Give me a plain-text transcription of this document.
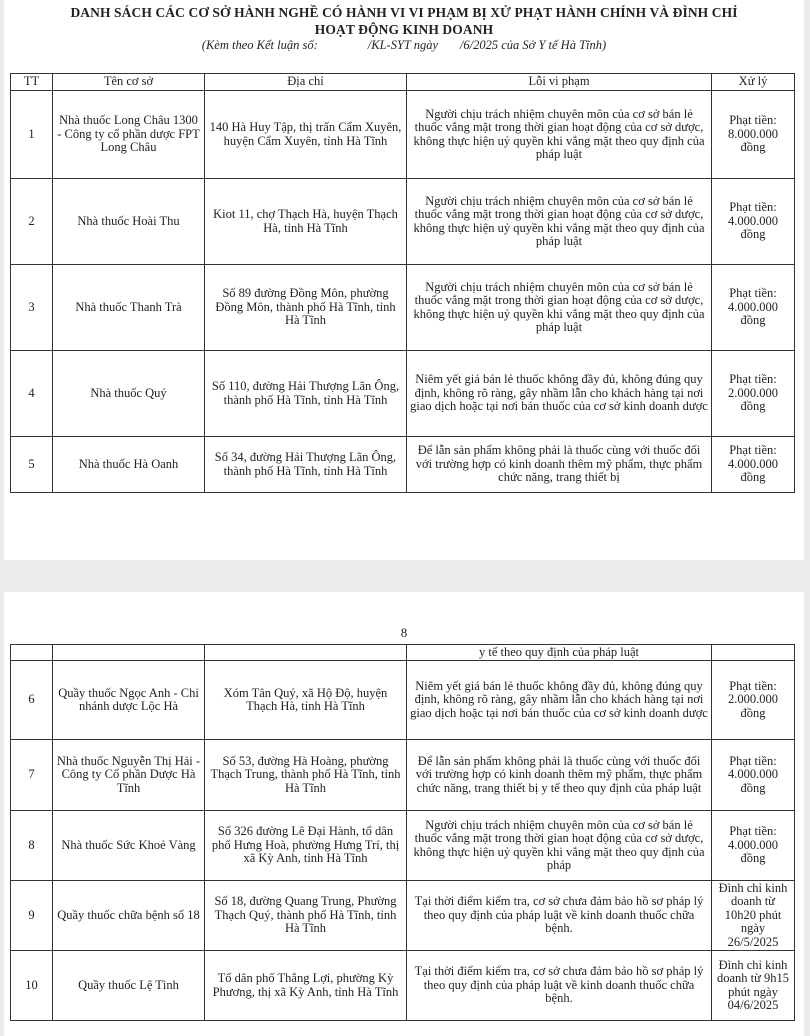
DANH SÁCH CÁC CƠ SỞ HÀNH NGHỀ CÓ HÀNH VI VI PHẠM BỊ XỬ PHẠT HÀNH CHÍNH VÀ ĐÌNH CHỈ
HOẠT ĐỘNG KINH DOANH
(Kèm theo Kết luận số:	/KL-SYT ngày /6/2025 của Sở Y tế Hà Tĩnh)
TT	Tên cơ sở	Địa chỉ	Lỗi vi phạm	Xử lý
1	Nhà thuốc Long Châu 1300 - Công ty cổ phần dược FPT Long Châu	140 Hà Huy Tập, thị trấn Cẩm Xuyên, huyện Cẩm Xuyên, tỉnh Hà Tĩnh	Người chịu trách nhiệm chuyên môn của cơ sở bán lẻ thuốc vắng mặt trong thời gian hoạt động của cơ sở dược, không thực hiện uỷ quyền khi vắng mặt theo quy định của pháp luật	Phạt tiền: 8.000.000 đồng
2	Nhà thuốc Hoài Thu	Kiot 11, chợ Thạch Hà, huyện Thạch Hà, tỉnh Hà Tĩnh	Người chịu trách nhiệm chuyên môn của cơ sở bán lẻ thuốc vắng mặt trong thời gian hoạt động của cơ sở dược, không thực hiện uỷ quyền khi vắng mặt theo quy định của pháp luật	Phạt tiền: 4.000.000 đồng
3	Nhà thuốc Thanh Trà	Số 89 đường Đồng Môn, phường Đồng Môn, thành phố Hà Tĩnh, tỉnh Hà Tĩnh	Người chịu trách nhiệm chuyên môn của cơ sở bán lẻ thuốc vắng mặt trong thời gian hoạt động của cơ sở dược, không thực hiện uỷ quyền khi vắng mặt theo quy định của pháp luật	Phạt tiền: 4.000.000 đồng
4	Nhà thuốc Quý	Số 110, đường Hải Thượng Lãn Ông, thành phố Hà Tĩnh, tỉnh Hà Tĩnh	Niêm yết giá bán lẻ thuốc không đầy đủ, không đúng quy định, không rõ ràng, gây nhầm lẫn cho khách hàng tại nơi giao dịch hoặc tại nơi bán thuốc của cơ sở kinh doanh dược	Phạt tiền: 2.000.000 đồng
5	Nhà thuốc Hà Oanh	Số 34, đường Hải Thượng Lãn Ông, thành phố Hà Tĩnh, tỉnh Hà Tĩnh	Để lẫn sản phẩm không phải là thuốc cùng với thuốc đối với trường hợp có kinh doanh thêm mỹ phẩm, thực phẩm chức năng, trang thiết bị	Phạt tiền: 4.000.000 đồng
8
			y tế theo quy định của pháp luật	
6	Quầy thuốc Ngọc Anh - Chi nhánh dược Lộc Hà	Xóm Tân Quý, xã Hộ Độ, huyện Thạch Hà, tỉnh Hà Tĩnh	Niêm yết giá bán lẻ thuốc không đầy đủ, không đúng quy định, không rõ ràng, gây nhầm lẫn cho khách hàng tại nơi giao dịch hoặc tại nơi bán thuốc của cơ sở kinh doanh dược	Phạt tiền: 2.000.000 đồng
7	Nhà thuốc Nguyễn Thị Hải - Công ty Cổ phần Dược Hà Tĩnh	Số 53, đường Hà Hoàng, phường Thạch Trung, thành phố Hà Tĩnh, tỉnh Hà Tĩnh	Để lẫn sản phẩm không phải là thuốc cùng với thuốc đối với trường hợp có kinh doanh thêm mỹ phẩm, thực phẩm chức năng, trang thiết bị y tế theo quy định của pháp luật	Phạt tiền: 4.000.000 đồng
8	Nhà thuốc Sức Khoẻ Vàng	Số 326 đường Lê Đại Hành, tổ dân phố Hưng Hoà, phường Hưng Trí, thị xã Kỳ Anh, tỉnh Hà Tĩnh	Người chịu trách nhiệm chuyên môn của cơ sở bán lẻ thuốc vắng mặt trong thời gian hoạt động của cơ sở dược, không thực hiện uỷ quyền khi vắng mặt theo quy định của pháp	Phạt tiền: 4.000.000 đồng
9	Quầy thuốc chữa bệnh số 18	Số 18, đường Quang Trung, Phường Thạch Quý, thành phố Hà Tĩnh, tỉnh Hà Tĩnh	Tại thời điểm kiểm tra, cơ sở chưa đảm bảo hồ sơ pháp lý theo quy định của pháp luật về kinh doanh thuốc chữa bệnh.	Đình chỉ kinh doanh từ 10h20 phút ngày 26/5/2025
10	Quầy thuốc Lệ Tình	Tổ dân phố Thắng Lợi, phường Kỳ Phương, thị xã Kỳ Anh, tỉnh Hà Tĩnh	Tại thời điểm kiểm tra, cơ sở chưa đảm bảo hồ sơ pháp lý theo quy định của pháp luật về kinh doanh thuốc chữa bệnh.	Đình chỉ kinh doanh từ 9h15 phút ngày 04/6/2025
